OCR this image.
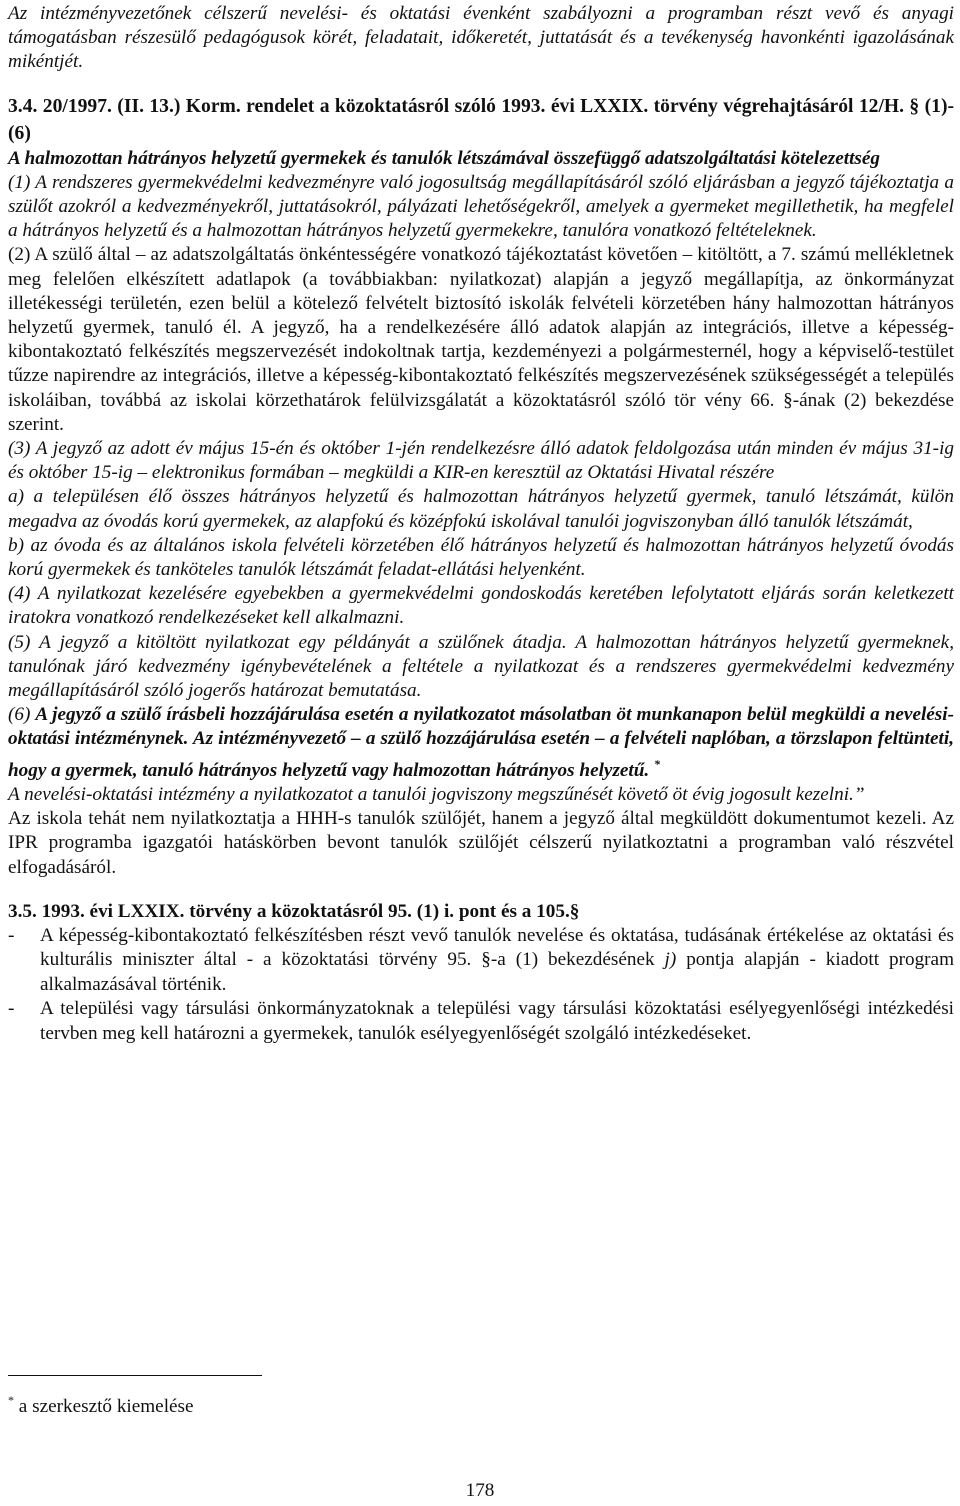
Az intézményvezetőnek célszerű nevelési- és oktatási évenként szabályozni a programban részt vevő és anyagi támogatásban részesülő pedagógusok körét, feladatait, időkeretét, juttatását és a tevékenység havonkénti igazolásának mikéntjét.

3.4. 20/1997. (II. 13.) Korm. rendelet a közoktatásról szóló 1993. évi LXXIX. törvény végrehajtásáról 12/H. § (1)-(6)

A halmozottan hátrányos helyzetű gyermekek és tanulók létszámával összefüggő adatszolgáltatási kötelezettség

(1) A rendszeres gyermekvédelmi kedvezményre való jogosultság megállapításáról szóló eljárásban a jegyző tájékoztatja a szülőt azokról a kedvezményekről, juttatásokról, pályázati lehetőségekről, amelyek a gyermeket megillethetik, ha megfelel a hátrányos helyzetű és a halmozottan hátrányos helyzetű gyermekekre, tanulóra vonatkozó feltételeknek.

(2) A szülő által – az adatszolgáltatás önkéntességére vonatkozó tájékoztatást követően – kitöltött, a 7. számú mellékletnek meg felelően elkészített adatlapok (a továbbiakban: nyilatkozat) alapján a jegyző megállapítja, az önkormányzat illetékességi területén, ezen belül a kötelező felvételt biztosító iskolák felvételi körzetében hány halmozottan hátrányos helyzetű gyermek, tanuló él. A jegyző, ha a rendelkezésére álló adatok alapján az integrációs, illetve a képesség-kibontakoztató felkészítés megszervezését indokoltnak tartja, kezdeményezi a polgármesternél, hogy a képviselő-testület tűzze napirendre az integrációs, illetve a képesség-kibontakoztató felkészítés megszervezésének szükségességét a település iskoláiban, továbbá az iskolai körzethatárok felülvizsgálatát a közoktatásról szóló tör vény 66. §-ának (2) bekezdése szerint.

(3) A jegyző az adott év május 15-én és október 1-jén rendelkezésre álló adatok feldolgozása után minden év május 31-ig és október 15-ig – elektronikus formában – megküldi a KIR-en keresztül az Oktatási Hivatal részére

a) a településen élő összes hátrányos helyzetű és halmozottan hátrányos helyzetű gyermek, tanuló létszámát, külön megadva az óvodás korú gyermekek, az alapfokú és középfokú iskolával tanulói jogviszonyban álló tanulók létszámát,

b) az óvoda és az általános iskola felvételi körzetében élő hátrányos helyzetű és halmozottan hátrányos helyzetű óvodás korú gyermekek és tanköteles tanulók létszámát feladat-ellátási helyenként.

(4) A nyilatkozat kezelésére egyebekben a gyermekvédelmi gondoskodás keretében lefolytatott eljárás során keletkezett iratokra vonatkozó rendelkezéseket kell alkalmazni.

(5) A jegyző a kitöltött nyilatkozat egy példányát a szülőnek átadja. A halmozottan hátrányos helyzetű gyermeknek, tanulónak járó kedvezmény igénybevételének a feltétele a nyilatkozat és a rendszeres gyermekvédelmi kedvezmény megállapításáról szóló jogerős határozat bemutatása.

(6) A jegyző a szülő írásbeli hozzájárulása esetén a nyilatkozatot másolatban öt munkanapon belül megküldi a nevelési-oktatási intézménynek. Az intézményvezető – a szülő hozzájárulása esetén – a felvételi naplóban, a törzslapon feltünteti, hogy a gyermek, tanuló hátrányos helyzetű vagy halmozottan hátrányos helyzetű. *

A nevelési-oktatási intézmény a nyilatkozatot a tanulói jogviszony megszűnését követő öt évig jogosult kezelni.”

Az iskola tehát nem nyilatkoztatja a HHH-s tanulók szülőjét, hanem a jegyző által megküldött dokumentumot kezeli. Az IPR programba igazgatói hatáskörben bevont tanulók szülőjét célszerű nyilatkoztatni a programban való részvétel elfogadásáról.

3.5. 1993. évi LXXIX. törvény a közoktatásról 95. (1) i. pont és a 105.§

- A képesség-kibontakoztató felkészítésben részt vevő tanulók nevelése és oktatása, tudásának értékelése az oktatási és kulturális miniszter által - a közoktatási törvény 95. §-a (1) bekezdésének j) pontja alapján - kiadott program alkalmazásával történik.
- A települési vagy társulási önkormányzatoknak a települési vagy társulási közoktatási esélyegyenlőségi intézkedési tervben meg kell határozni a gyermekek, tanulók esélyegyenlőségét szolgáló intézkedéseket.
* a szerkesztő kiemelése
178
